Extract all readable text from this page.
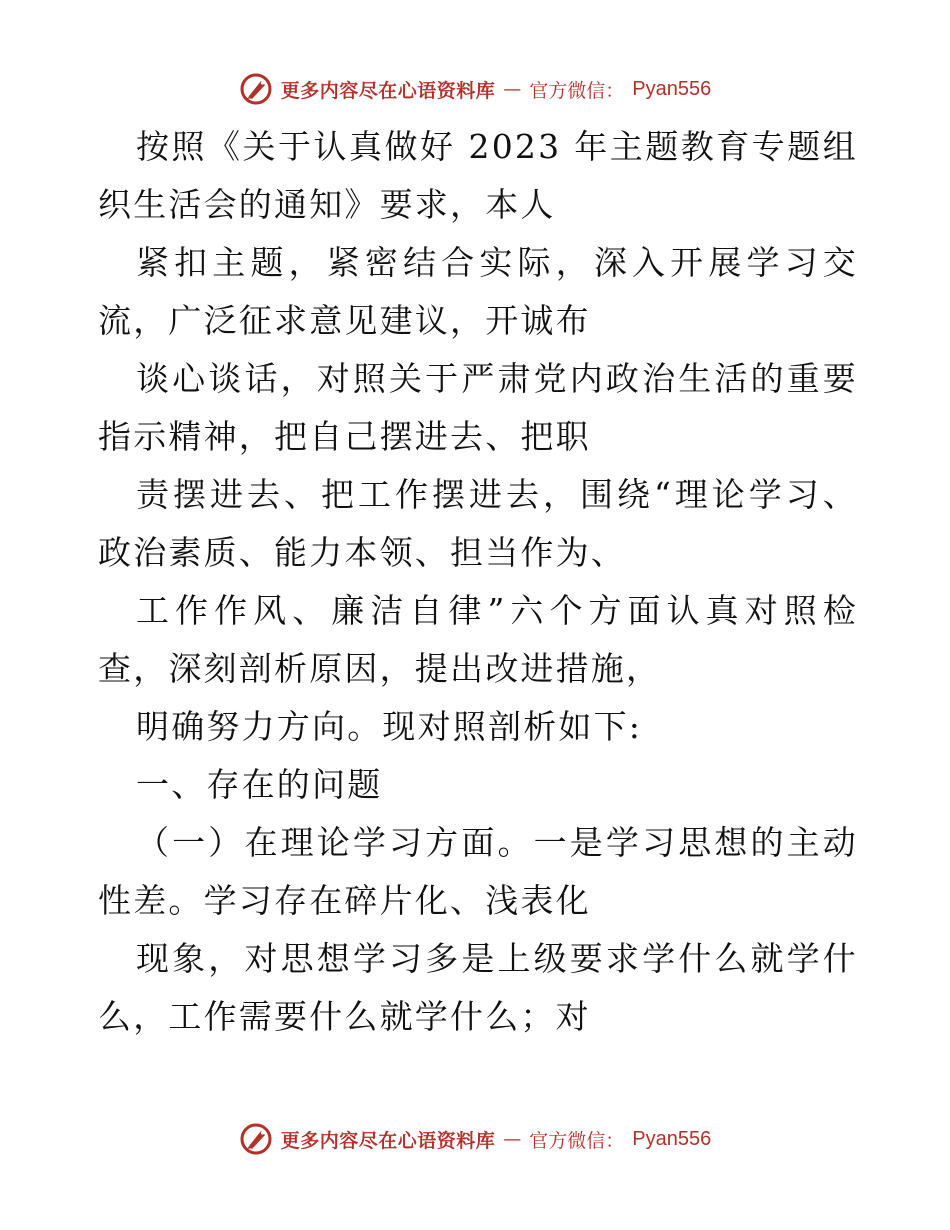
更多内容尽在心语资料库 — 官方微信： Pyan556

按照《关于认真做好 2023 年主题教育专题组织生活会的通知》要求，本人

紧扣主题，紧密结合实际，深入开展学习交流，广泛征求意见建议，开诚布

谈心谈话，对照关于严肃党内政治生活的重要指示精神，把自己摆进去、把职

责摆进去、把工作摆进去，围绕“理论学习、政治素质、能力本领、担当作为、

工作作风、廉洁自律”六个方面认真对照检查，深刻剖析原因，提出改进措施，

明确努力方向。现对照剖析如下:

一、存在的问题

（一）在理论学习方面。一是学习思想的主动性差。学习存在碎片化、浅表化

现象，对思想学习多是上级要求学什么就学什么，工作需要什么就学什么；对

更多内容尽在心语资料库 — 官方微信： Pyan556
